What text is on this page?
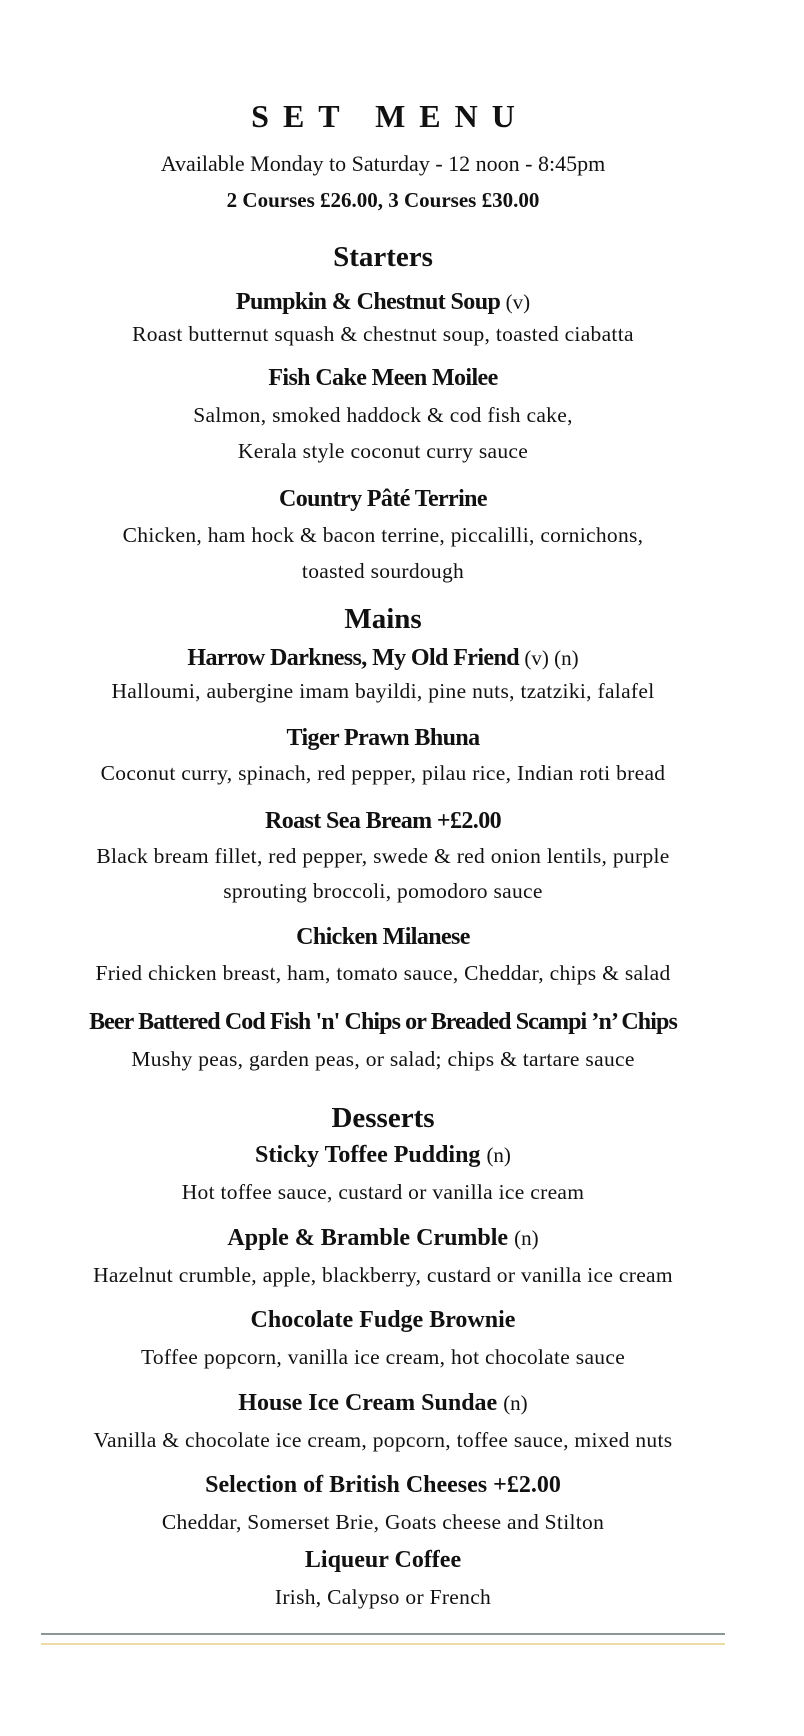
SET MENU
Available Monday to Saturday - 12 noon - 8:45pm
2 Courses £26.00, 3 Courses £30.00
Starters
Pumpkin & Chestnut Soup (v)
Roast butternut squash & chestnut soup, toasted ciabatta
Fish Cake Meen Moilee
Salmon, smoked haddock & cod fish cake,
Kerala style coconut curry sauce
Country Pâté Terrine
Chicken, ham hock & bacon terrine, piccalilli, cornichons,
toasted sourdough
Mains
Harrow Darkness, My Old Friend (v) (n)
Halloumi, aubergine imam bayildi, pine nuts, tzatziki, falafel
Tiger Prawn Bhuna
Coconut curry, spinach, red pepper, pilau rice, Indian roti bread
Roast Sea Bream +£2.00
Black bream fillet, red pepper, swede & red onion lentils, purple
sprouting broccoli, pomodoro sauce
Chicken Milanese
Fried chicken breast, ham, tomato sauce, Cheddar, chips & salad
Beer Battered Cod Fish 'n' Chips or Breaded Scampi ’n’ Chips
Mushy peas, garden peas, or salad; chips & tartare sauce
Desserts
Sticky Toffee Pudding (n)
Hot toffee sauce, custard or vanilla ice cream
Apple & Bramble Crumble (n)
Hazelnut crumble, apple, blackberry, custard or vanilla ice cream
Chocolate Fudge Brownie
Toffee popcorn, vanilla ice cream, hot chocolate sauce
House Ice Cream Sundae (n)
Vanilla & chocolate ice cream, popcorn, toffee sauce, mixed nuts
Selection of British Cheeses +£2.00
Cheddar, Somerset Brie, Goats cheese and Stilton
Liqueur Coffee
Irish, Calypso or French
